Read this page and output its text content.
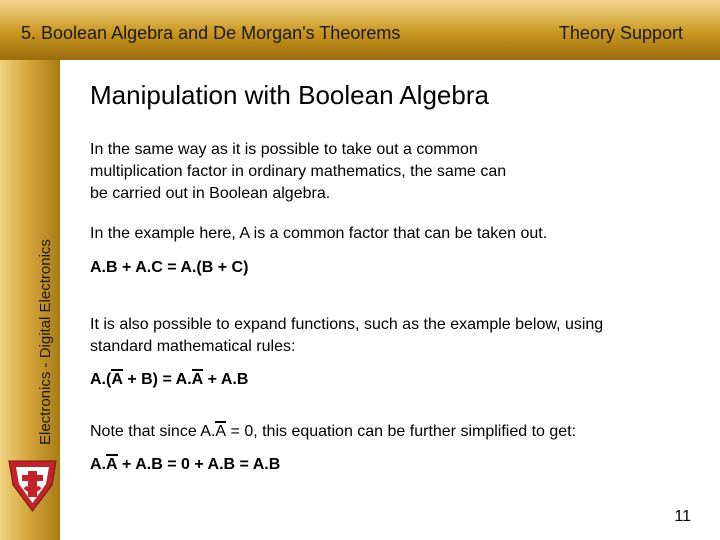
5. Boolean Algebra and De Morgan's Theorems	Theory Support
Electronics - Digital Electronics
Manipulation with Boolean Algebra
In the same way as it is possible to take out a common
multiplication factor in ordinary mathematics, the same can
be carried out in Boolean algebra.
In the example here, A is a common factor that can be taken out.
A.B + A.C = A.(B + C)
It is also possible to expand functions, such as the example below, using
standard mathematical rules:
A.(A + B) = A.A + A.B
Note that since A.A = 0, this equation can be further simplified to get:
A.A + A.B = 0 + A.B = A.B
11
